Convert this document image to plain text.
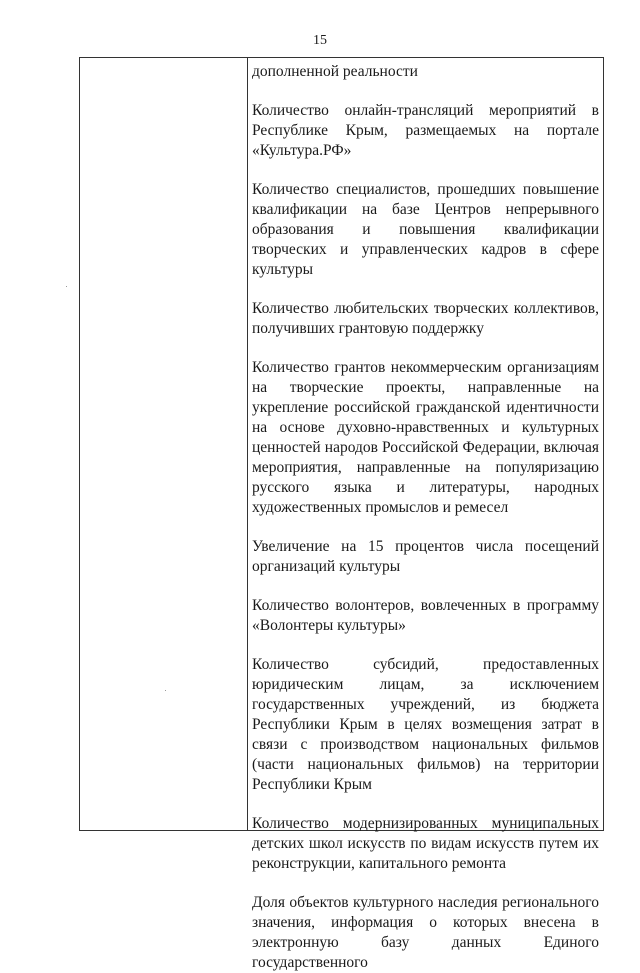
15

дополненной реальности

Количество онлайн-трансляций мероприятий в Республике Крым, размещаемых на портале «Культура.РФ»

Количество специалистов, прошедших повышение квалификации на базе Центров непрерывного образования и повышения квалификации творческих и управленческих кадров в сфере культуры

Количество любительских творческих коллективов, получивших грантовую поддержку

Количество грантов некоммерческим организациям на творческие проекты, направленные на укрепление российской гражданской идентичности на основе духовно-нравственных и культурных ценностей народов Российской Федерации, включая мероприятия, направленные на популяризацию русского языка и литературы, народных художественных промыслов и ремесел

Увеличение на 15 процентов числа посещений организаций культуры

Количество волонтеров, вовлеченных в программу «Волонтеры культуры»

Количество субсидий, предоставленных юридическим лицам, за исключением государственных учреждений, из бюджета Республики Крым в целях возмещения затрат в связи с производством национальных фильмов (части национальных фильмов) на территории Республики Крым

Количество модернизированных муниципальных детских школ искусств по видам искусств путем их реконструкции, капитального ремонта

Доля объектов культурного наследия регионального значения, информация о которых внесена в электронную базу данных Единого государственного
